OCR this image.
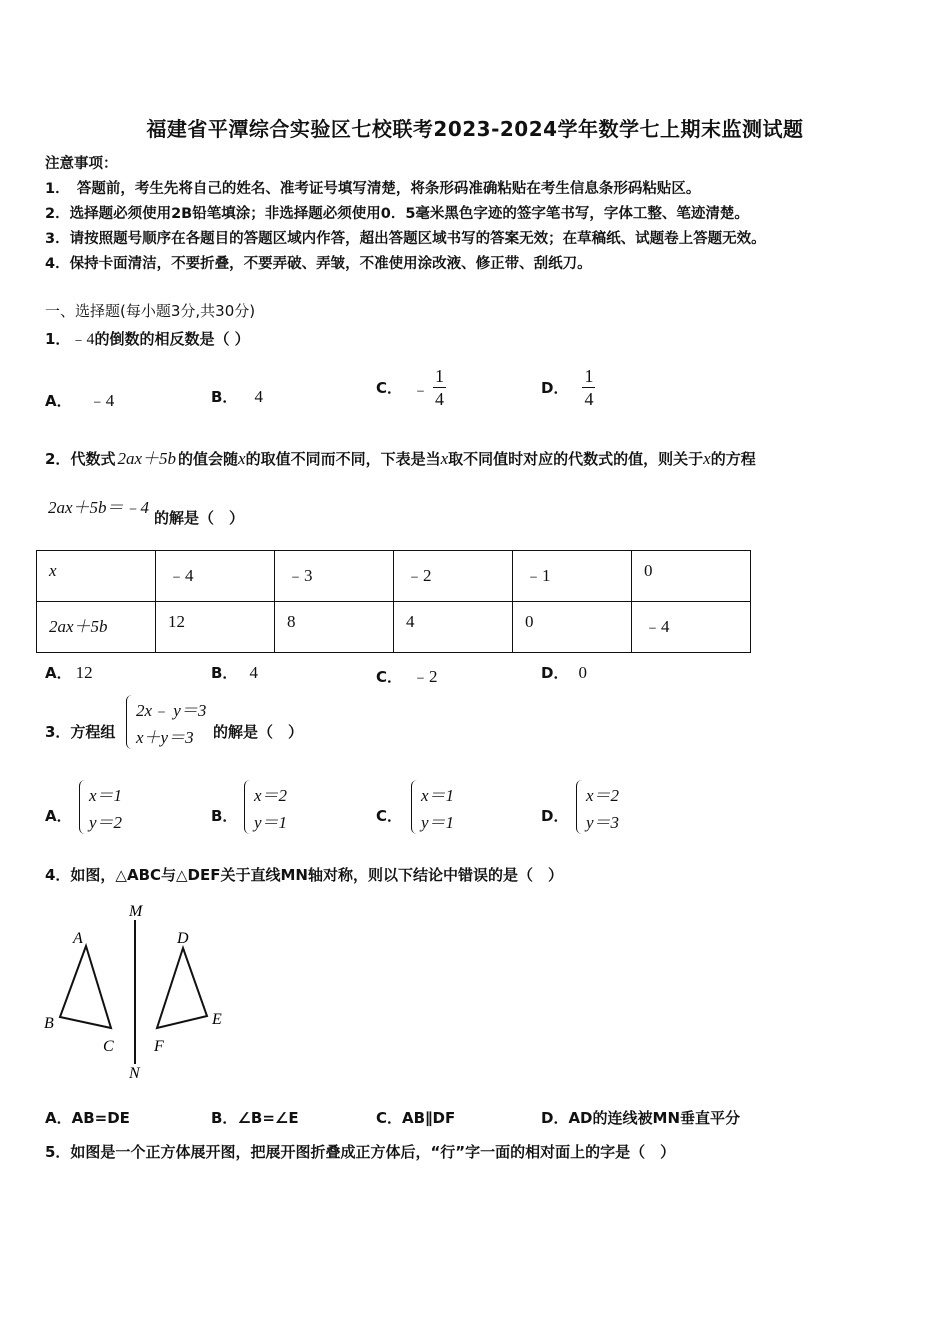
福建省平潭综合实验区七校联考2023-2024学年数学七上期末监测试题
注意事项：
1．　答题前，考生先将自己的姓名、准考证号填写清楚，将条形码准确粘贴在考生信息条形码粘贴区。
2．选择题必须使用2B铅笔填涂；非选择题必须使用0．5毫米黑色字迹的签字笔书写，字体工整、笔迹清楚。
3．请按照题号顺序在各题目的答题区域内作答，超出答题区域书写的答案无效；在草稿纸、试题卷上答题无效。
4．保持卡面清洁，不要折叠，不要弄破、弄皱，不准使用涂改液、修正带、刮纸刀。
一、选择题(每小题3分,共30分)
1．﹣4的倒数的相反数是（ ）
A． ﹣4	B． 4	C． ﹣ $\frac{1}{4}$	D． $\frac{1}{4}$
2．代数式 2ax＋5b 的值会随x的取值不同而不同，下表是当x取不同值时对应的代数式的值，则关于x的方程
2ax＋5b＝﹣4
的解是（　）
x	﹣4	﹣3	﹣2	﹣1	0
2ax＋5b	12	8	4	0	﹣4
A． 12	B． 4	C． ﹣2	D． 0
3．方程组
2x﹣ y＝3
x＋y＝3 的解是（　）
A．
x＝1
y＝2	B．
x＝2
y＝1	C．
x＝1
y＝1	D．
x＝2
y＝3
4．如图，△ABC与△DEF关于直线MN轴对称，则以下结论中错误的是（　）
M
N
A
B
C
D
E
F
A．AB=DE	B．∠B=∠E	C．AB∥DF	D．AD的连线被MN垂直平分
5．如图是一个正方体展开图，把展开图折叠成正方体后，“行”字一面的相对面上的字是（　）
